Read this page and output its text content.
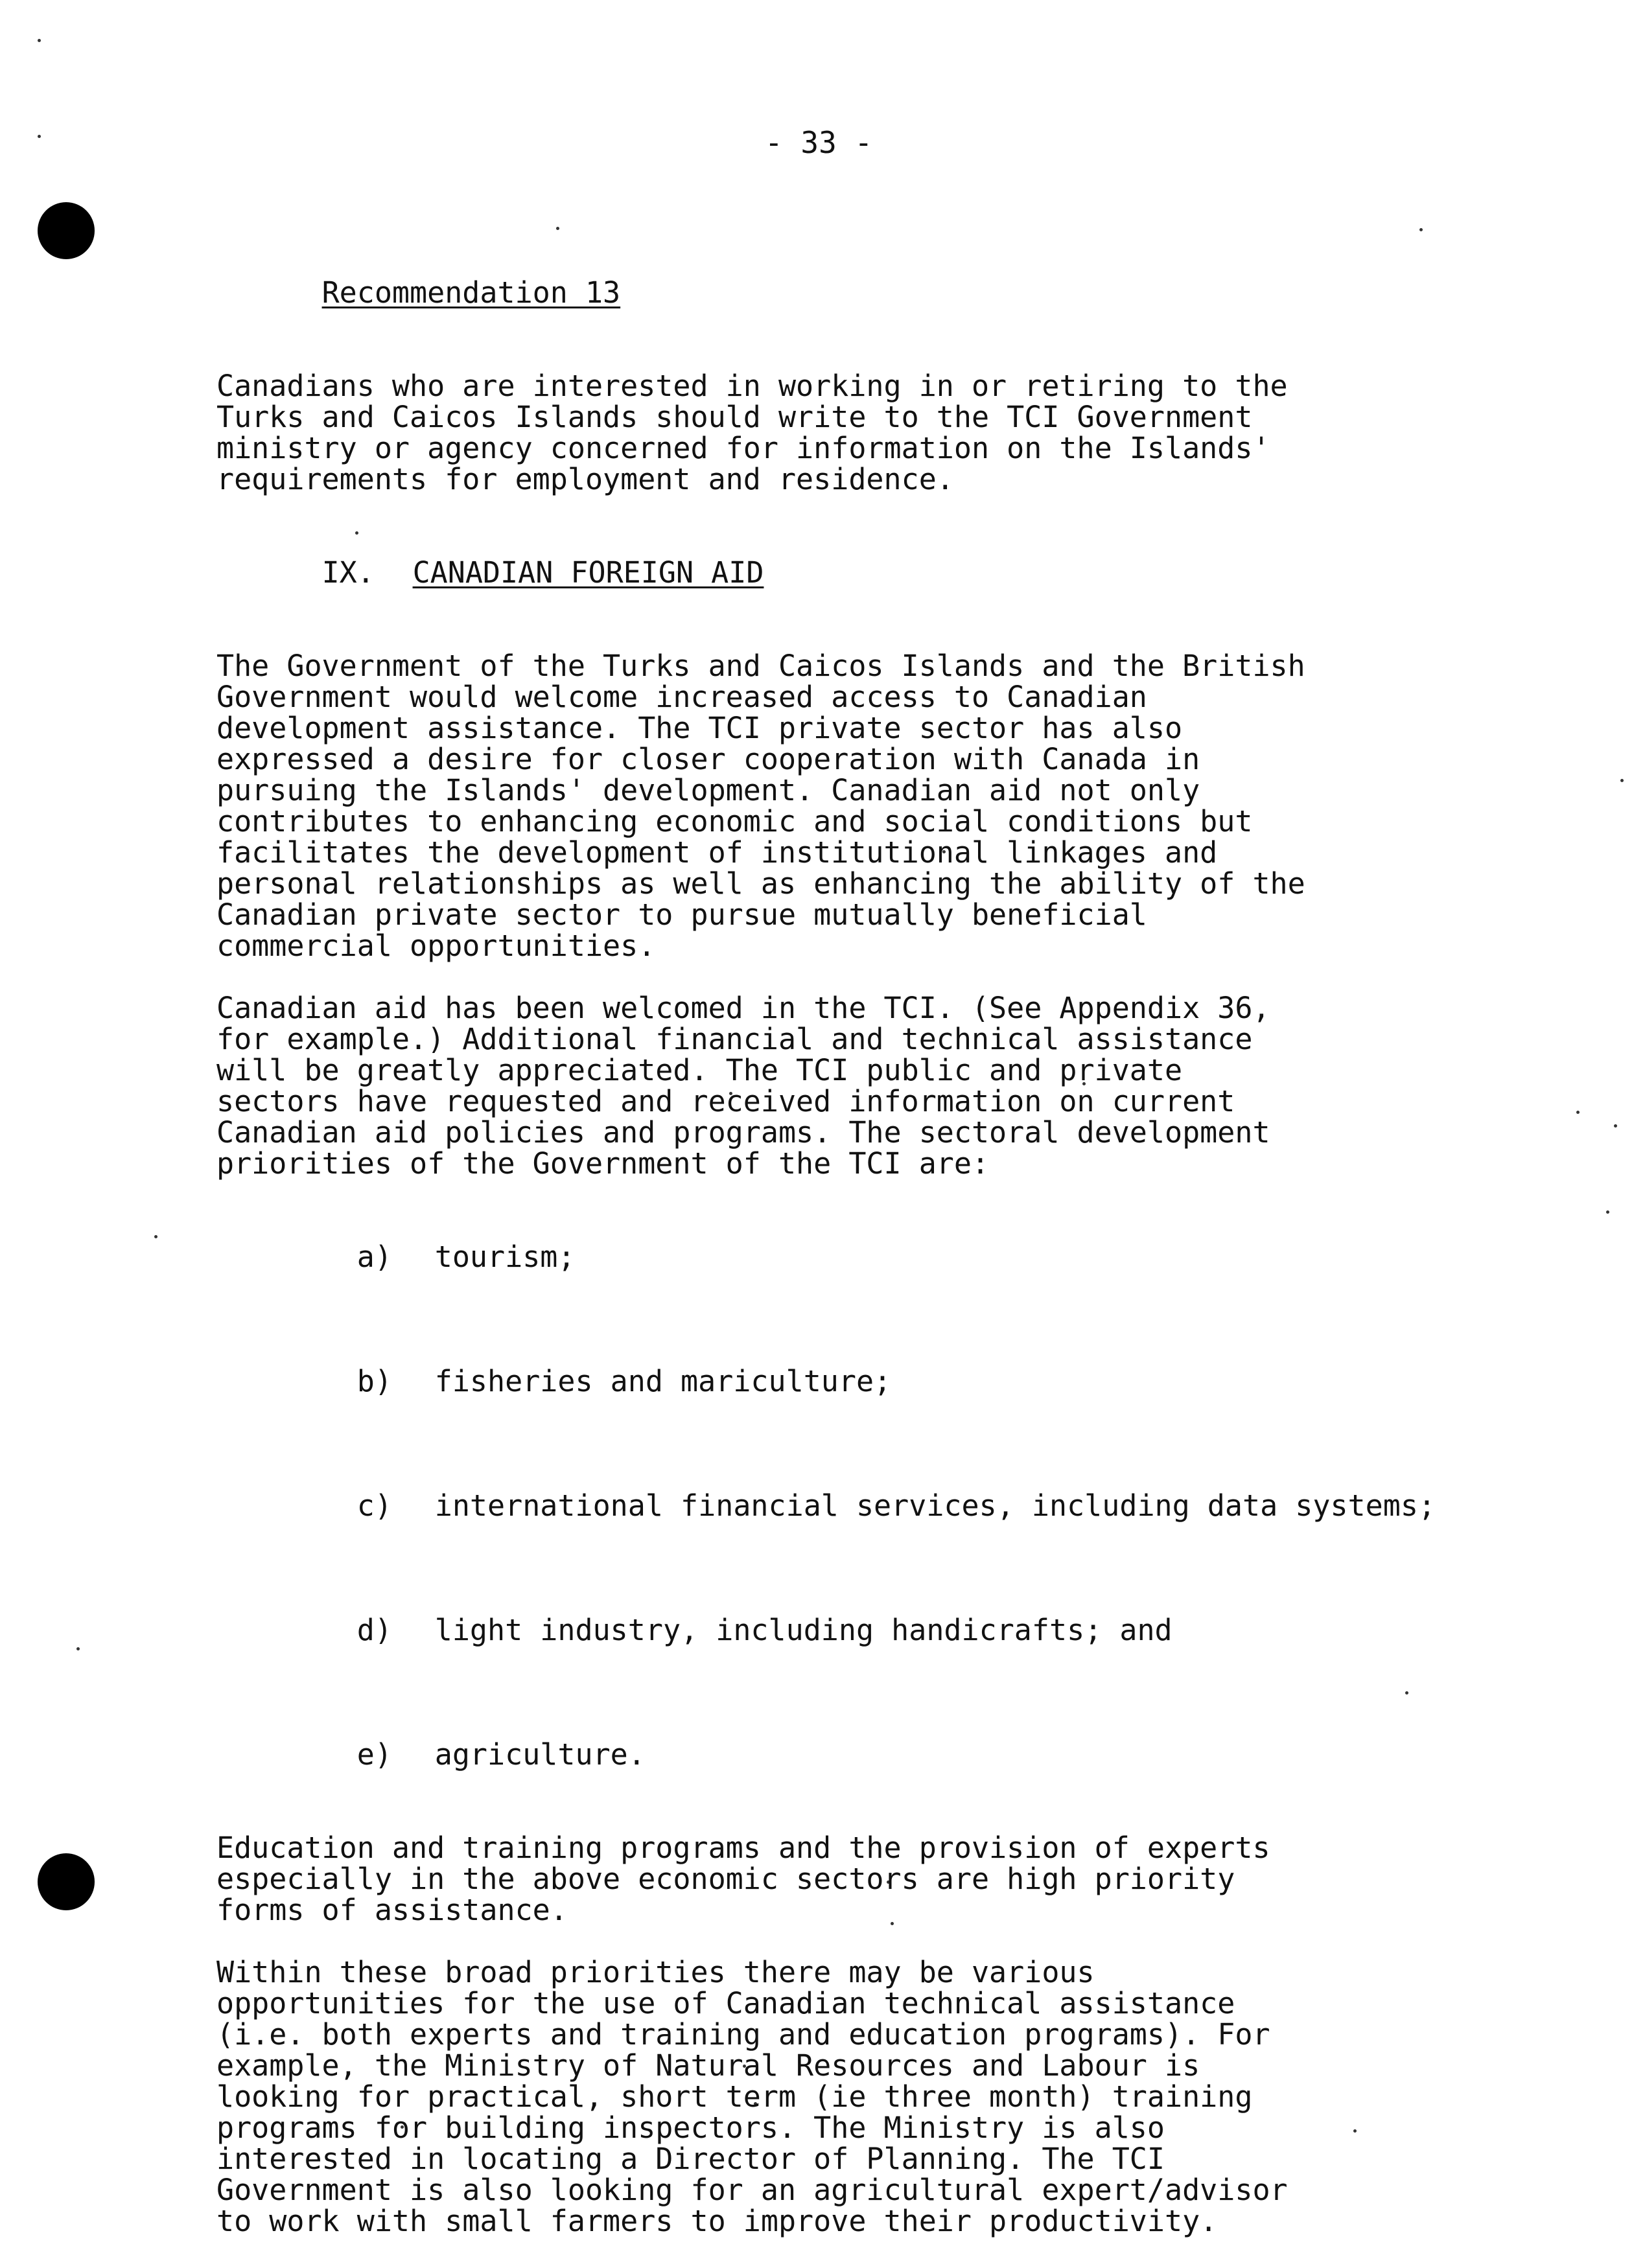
- 33 -

Recommendation 13

Canadians who are interested in working in or retiring to the
Turks and Caicos Islands should write to the TCI Government
ministry or agency concerned for information on the Islands'
requirements for employment and residence.

IX. CANADIAN FOREIGN AID

The Government of the Turks and Caicos Islands and the British
Government would welcome increased access to Canadian
development assistance. The TCI private sector has also
expressed a desire for closer cooperation with Canada in
pursuing the Islands' development. Canadian aid not only
contributes to enhancing economic and social conditions but
facilitates the development of institutional linkages and
personal relationships as well as enhancing the ability of the
Canadian private sector to pursue mutually beneficial
commercial opportunities.
Canadian aid has been welcomed in the TCI. (See Appendix 36,
for example.) Additional financial and technical assistance
will be greatly appreciated. The TCI public and private
sectors have requested and received information on current
Canadian aid policies and programs. The sectoral development
priorities of the Government of the TCI are:

a) tourism;

b) fisheries and mariculture;

c) international financial services, including data systems;

d) light industry, including handicrafts; and

e) agriculture.

Education and training programs and the provision of experts
especially in the above economic sectors are high priority
forms of assistance.
Within these broad priorities there may be various
opportunities for the use of Canadian technical assistance
(i.e. both experts and training and education programs). For
example, the Ministry of Natural Resources and Labour is
looking for practical, short term (ie three month) training
programs for building inspectors. The Ministry is also
interested in locating a Director of Planning. The TCI
Government is also looking for an agricultural expert/advisor
to work with small farmers to improve their productivity.
